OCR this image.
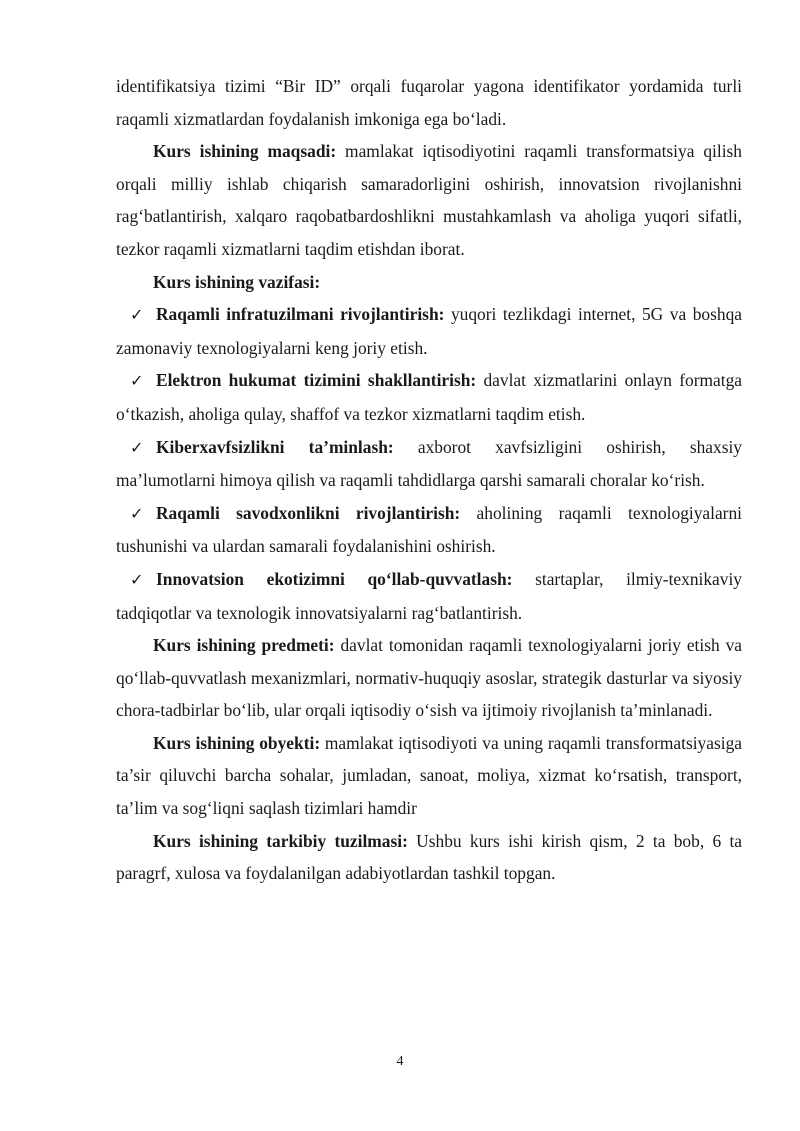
identifikatsiya tizimi “Bir ID” orqali fuqarolar yagona identifikator yordamida turli raqamli xizmatlardan foydalanish imkoniga ega boʻladi.

Kurs ishining maqsadi: mamlakat iqtisodiyotini raqamli transformatsiya qilish orqali milliy ishlab chiqarish samaradorligini oshirish, innovatsion rivojlanishni ragʻbatlantirish, xalqaro raqobatbardoshlikni mustahkamlash va aholiga yuqori sifatli, tezkor raqamli xizmatlarni taqdim etishdan iborat.

Kurs ishining vazifasi:

✓ Raqamli infratuzilmani rivojlantirish: yuqori tezlikdagi internet, 5G va boshqa zamonaviy texnologiyalarni keng joriy etish.

✓ Elektron hukumat tizimini shakllantirish: davlat xizmatlarini onlayn formatga oʻtkazish, aholiga qulay, shaffof va tezkor xizmatlarni taqdim etish.

✓ Kiberxavfsizlikni ta’minlash: axborot xavfsizligini oshirish, shaxsiy ma’lumotlarni himoya qilish va raqamli tahdidlarga qarshi samarali choralar koʻrish.

✓ Raqamli savodxonlikni rivojlantirish: aholining raqamli texnologiyalarni tushunishi va ulardan samarali foydalanishini oshirish.

✓ Innovatsion ekotizimni qoʻllab-quvvatlash: startaplar, ilmiy-texnikaviy tadqiqotlar va texnologik innovatsiyalarni ragʻbatlantirish.

Kurs ishining predmeti: davlat tomonidan raqamli texnologiyalarni joriy etish va qoʻllab-quvvatlash mexanizmlari, normativ-huquqiy asoslar, strategik dasturlar va siyosiy chora-tadbirlar boʻlib, ular orqali iqtisodiy oʻsish va ijtimoiy rivojlanish ta’minlanadi.

Kurs ishining obyekti: mamlakat iqtisodiyoti va uning raqamli transformatsiyasiga ta’sir qiluvchi barcha sohalar, jumladan, sanoat, moliya, xizmat koʻrsatish, transport, ta’lim va sogʻliqni saqlash tizimlari hamdir

Kurs ishining tarkibiy tuzilmasi: Ushbu kurs ishi kirish qism, 2 ta bob, 6 ta paragrf, xulosa va foydalanilgan adabiyotlardan tashkil topgan.

4
